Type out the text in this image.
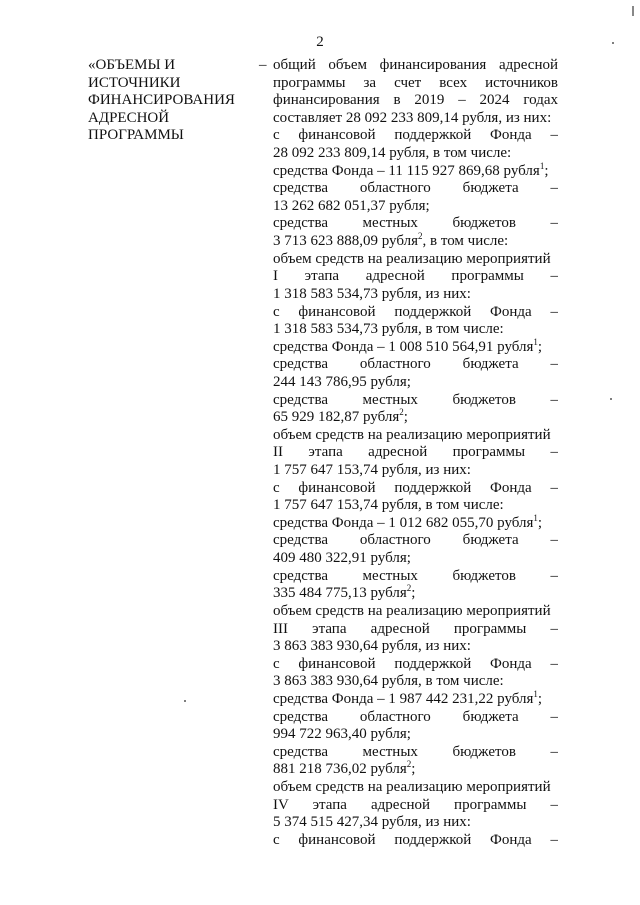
2
«ОБЪЕМЫ И
ИСТОЧНИКИ
ФИНАНСИРОВАНИЯ
АДРЕСНОЙ
ПРОГРАММЫ
– общий объем финансирования адресной
программы за счет всех источников
финансирования в 2019 – 2024 годах
составляет 28 092 233 809,14 рубля, из них:
с финансовой поддержкой Фонда –
28 092 233 809,14 рубля, в том числе:
средства Фонда – 11 115 927 869,68 рубля$^1$;
средства областного бюджета –
13 262 682 051,37 рубля;
средства местных бюджетов –
3 713 623 888,09 рубля$^2$, в том числе:
объем средств на реализацию мероприятий
I этапа адресной программы –
1 318 583 534,73 рубля, из них:
с финансовой поддержкой Фонда –
1 318 583 534,73 рубля, в том числе:
средства Фонда – 1 008 510 564,91 рубля$^1$;
средства областного бюджета –
244 143 786,95 рубля;
средства местных бюджетов –
65 929 182,87 рубля$^2$;
объем средств на реализацию мероприятий
II этапа адресной программы –
1 757 647 153,74 рубля, из них:
с финансовой поддержкой Фонда –
1 757 647 153,74 рубля, в том числе:
средства Фонда – 1 012 682 055,70 рубля$^1$;
средства областного бюджета –
409 480 322,91 рубля;
средства местных бюджетов –
335 484 775,13 рубля$^2$;
объем средств на реализацию мероприятий
III этапа адресной программы –
3 863 383 930,64 рубля, из них:
с финансовой поддержкой Фонда –
3 863 383 930,64 рубля, в том числе:
средства Фонда – 1 987 442 231,22 рубля$^1$;
средства областного бюджета –
994 722 963,40 рубля;
средства местных бюджетов –
881 218 736,02 рубля$^2$;
объем средств на реализацию мероприятий
IV этапа адресной программы –
5 374 515 427,34 рубля, из них:
с финансовой поддержкой Фонда –
